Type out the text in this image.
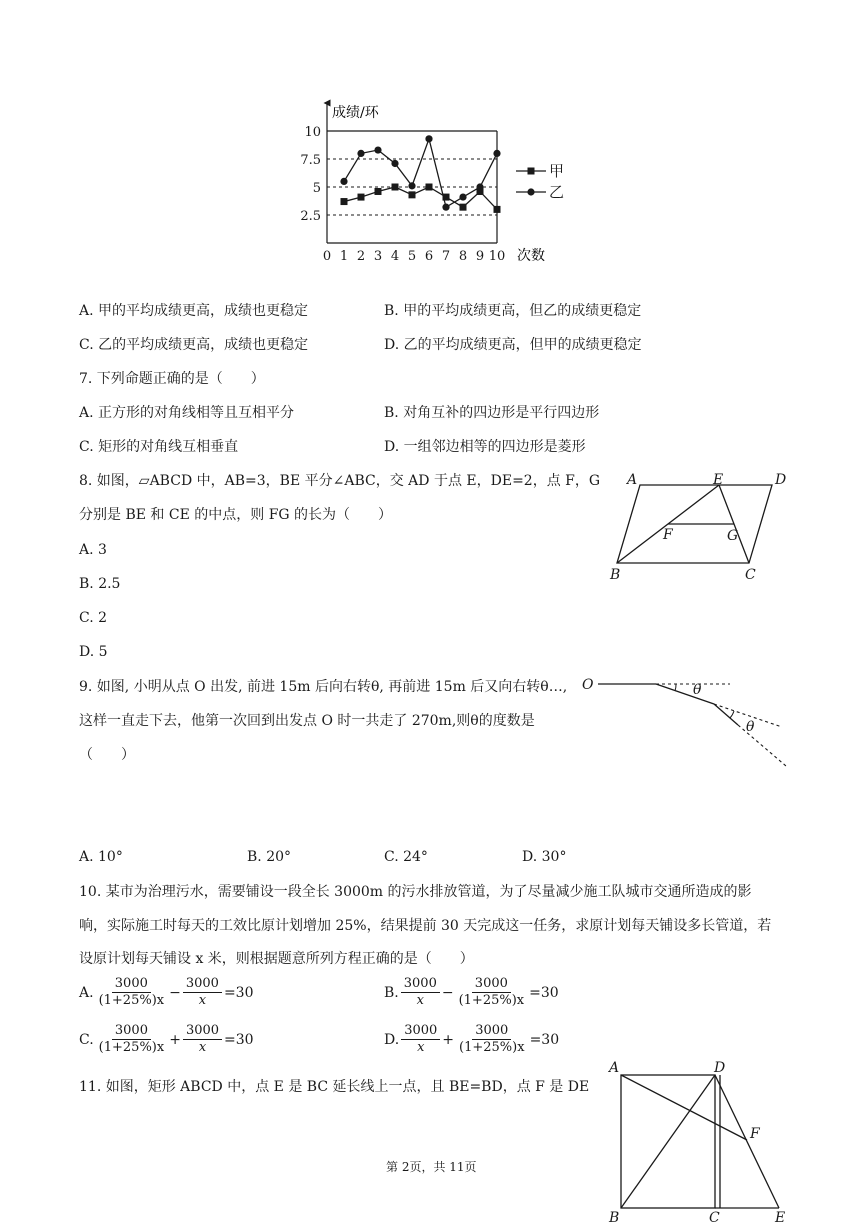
成绩/环
次数
10
7.5
5
2.5
0 1 2 3 4 5 6 7 8 9 10
甲
乙
A. 甲的平均成绩更高，成绩也更稳定	B. 甲的平均成绩更高，但乙的成绩更稳定
C. 乙的平均成绩更高，成绩也更稳定	D. 乙的平均成绩更高，但甲的成绩更稳定
7. 下列命题正确的是（　　）
A. 正方形的对角线相等且互相平分	B. 对角互补的四边形是平行四边形
C. 矩形的对角线互相垂直	D. 一组邻边相等的四边形是菱形
8. 如图，▱ABCD 中，AB=3，BE 平分∠ABC，交 AD 于点 E，DE=2，点 F，G
分别是 BE 和 CE 的中点，则 FG 的长为（　　）
A. 3
B. 2.5
C. 2
D. 5
A	E	D
F	G
B	C
9. 如图, 小明从点 O 出发, 前进 15m 后向右转θ, 再前进 15m 后又向右转θ…,
这样一直走下去，他第一次回到出发点 O 时一共走了 270m,则θ的度数是
（　　）
O	θ
θ
A. 10°	B. 20°	C. 24°	D. 30°
10. 某市为治理污水，需要铺设一段全长 3000m 的污水排放管道，为了尽量减少施工队城市交通所造成的影
响，实际施工时每天的工效比原计划增加 25%，结果提前 30 天完成这一任务，求原计划每天铺设多长管道，若
设原计划每天铺设 x 米，则根据题意所列方程正确的是（　　）
A. $\frac{3000}{(1+25\%)x} - \frac{3000}{x} =30$	B. $\frac{3000}{x} - \frac{3000}{(1+25\%)x} =30$
C. $\frac{3000}{(1+25\%)x} + \frac{3000}{x} =30$	D. $\frac{3000}{x} + \frac{3000}{(1+25\%)x} =30$
11. 如图，矩形 ABCD 中，点 E 是 BC 延长线上一点，且 BE=BD，点 F 是 DE
A	D
F
B	C	E
第 2页，共 11页
